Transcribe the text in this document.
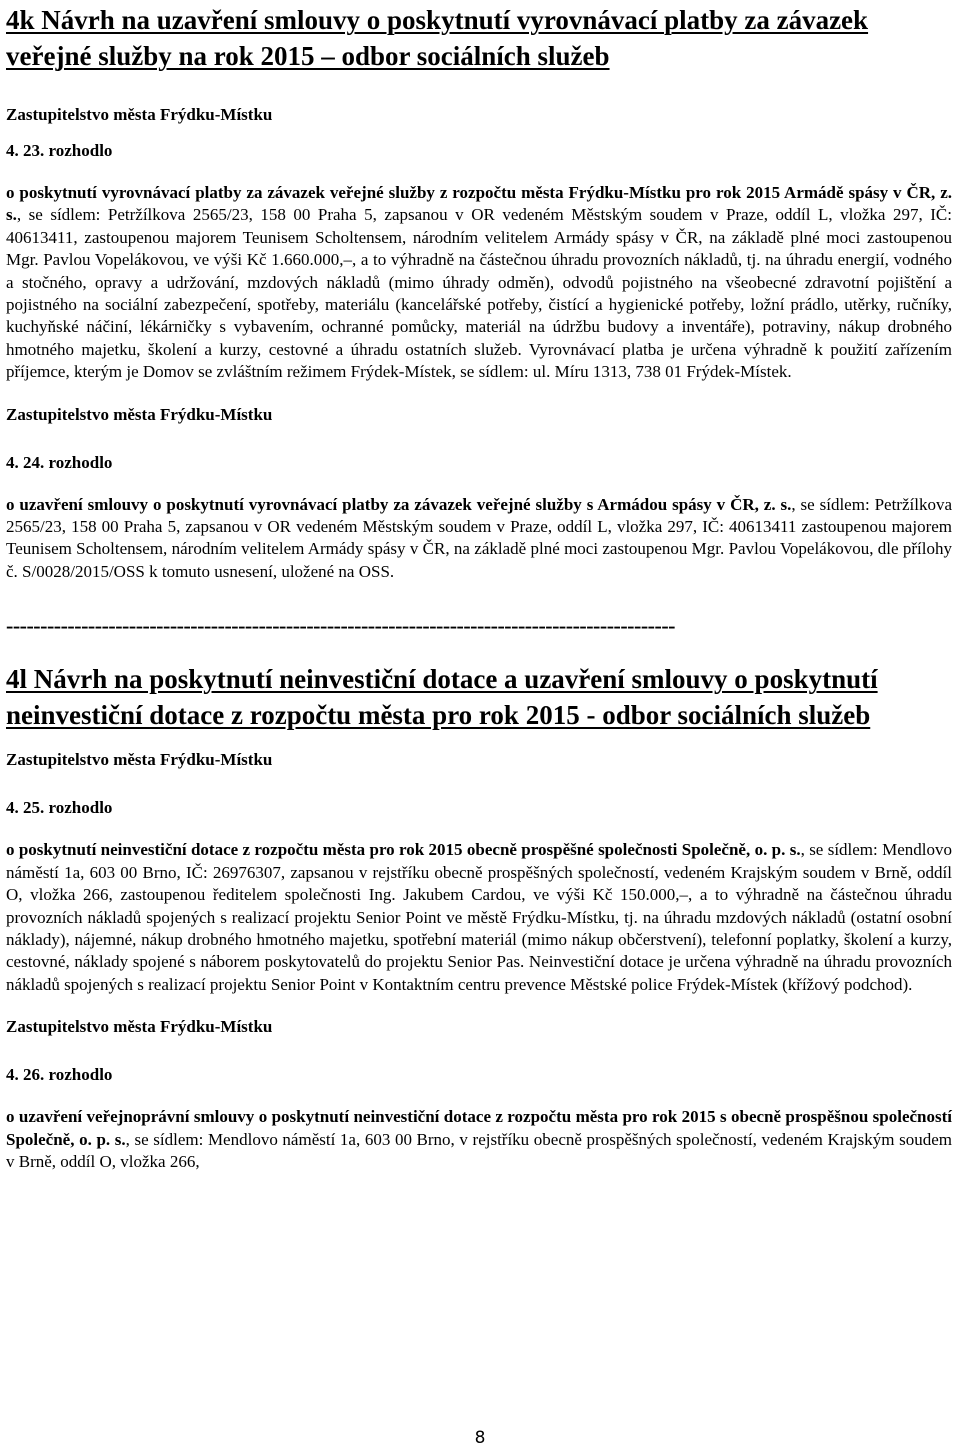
4k Návrh na uzavření smlouvy o poskytnutí vyrovnávací platby za závazek
veřejné služby na rok 2015 – odbor sociálních služeb

Zastupitelstvo města Frýdku-Místku

4. 23. rozhodlo

o poskytnutí vyrovnávací platby za závazek veřejné služby z rozpočtu města Frýdku-Místku pro rok 2015 Armádě spásy v ČR, z. s., se sídlem: Petržílkova 2565/23, 158 00 Praha 5, zapsanou v OR vedeném Městským soudem v Praze, oddíl L, vložka 297, IČ: 40613411, zastoupenou majorem Teunisem Scholtensem, národním velitelem Armády spásy v ČR, na základě plné moci zastoupenou Mgr. Pavlou Vopelákovou, ve výši Kč 1.660.000,–, a to výhradně na částečnou úhradu provozních nákladů, tj. na úhradu energií, vodného a stočného, opravy a udržování, mzdových nákladů (mimo úhrady odměn), odvodů pojistného na všeobecné zdravotní pojištění a pojistného na sociální zabezpečení, spotřeby, materiálu (kancelářské potřeby, čistící a hygienické potřeby, ložní prádlo, utěrky, ručníky, kuchyňské náčiní, lékárničky s vybavením, ochranné pomůcky, materiál na údržbu budovy a inventáře), potraviny, nákup drobného hmotného majetku, školení a kurzy, cestovné a úhradu ostatních služeb. Vyrovnávací platba je určena výhradně k použití zařízením příjemce, kterým je Domov se zvláštním režimem Frýdek-Místek, se sídlem: ul. Míru 1313, 738 01 Frýdek-Místek.

Zastupitelstvo města Frýdku-Místku

4. 24. rozhodlo

o uzavření smlouvy o poskytnutí vyrovnávací platby za závazek veřejné služby s Armádou spásy v ČR, z. s., se sídlem: Petržílkova 2565/23, 158 00 Praha 5, zapsanou v OR vedeném Městským soudem v Praze, oddíl L, vložka 297, IČ: 40613411 zastoupenou majorem Teunisem Scholtensem, národním velitelem Armády spásy v ČR, na základě plné moci zastoupenou Mgr. Pavlou Vopelákovou, dle přílohy č. S/0028/2015/OSS k tomuto usnesení, uložené na OSS.

--------------------------------------------------------------------------------------------------

4l Návrh na poskytnutí neinvestiční dotace a uzavření smlouvy o poskytnutí
neinvestiční dotace z rozpočtu města pro rok 2015 - odbor sociálních služeb

Zastupitelstvo města Frýdku-Místku

4. 25. rozhodlo

o poskytnutí neinvestiční dotace z rozpočtu města pro rok 2015 obecně prospěšné společnosti Společně, o. p. s., se sídlem: Mendlovo náměstí 1a, 603 00 Brno, IČ: 26976307, zapsanou v rejstříku obecně prospěšných společností, vedeném Krajským soudem v Brně, oddíl O, vložka 266, zastoupenou ředitelem společnosti Ing. Jakubem Cardou, ve výši Kč 150.000,–, a to výhradně na částečnou úhradu provozních nákladů spojených s realizací projektu Senior Point ve městě Frýdku-Místku, tj. na úhradu mzdových nákladů (ostatní osobní náklady), nájemné, nákup drobného hmotného majetku, spotřební materiál (mimo nákup občerstvení), telefonní poplatky, školení a kurzy, cestovné, náklady spojené s náborem poskytovatelů do projektu Senior Pas. Neinvestiční dotace je určena výhradně na úhradu provozních nákladů spojených s realizací projektu Senior Point v Kontaktním centru prevence Městské police Frýdek-Místek (křížový podchod).

Zastupitelstvo města Frýdku-Místku

4. 26. rozhodlo

o uzavření veřejnoprávní smlouvy o poskytnutí neinvestiční dotace z rozpočtu města pro rok 2015 s obecně prospěšnou společností Společně, o. p. s., se sídlem: Mendlovo náměstí 1a, 603 00 Brno, v rejstříku obecně prospěšných společností, vedeném Krajským soudem v Brně, oddíl O, vložka 266,

8
